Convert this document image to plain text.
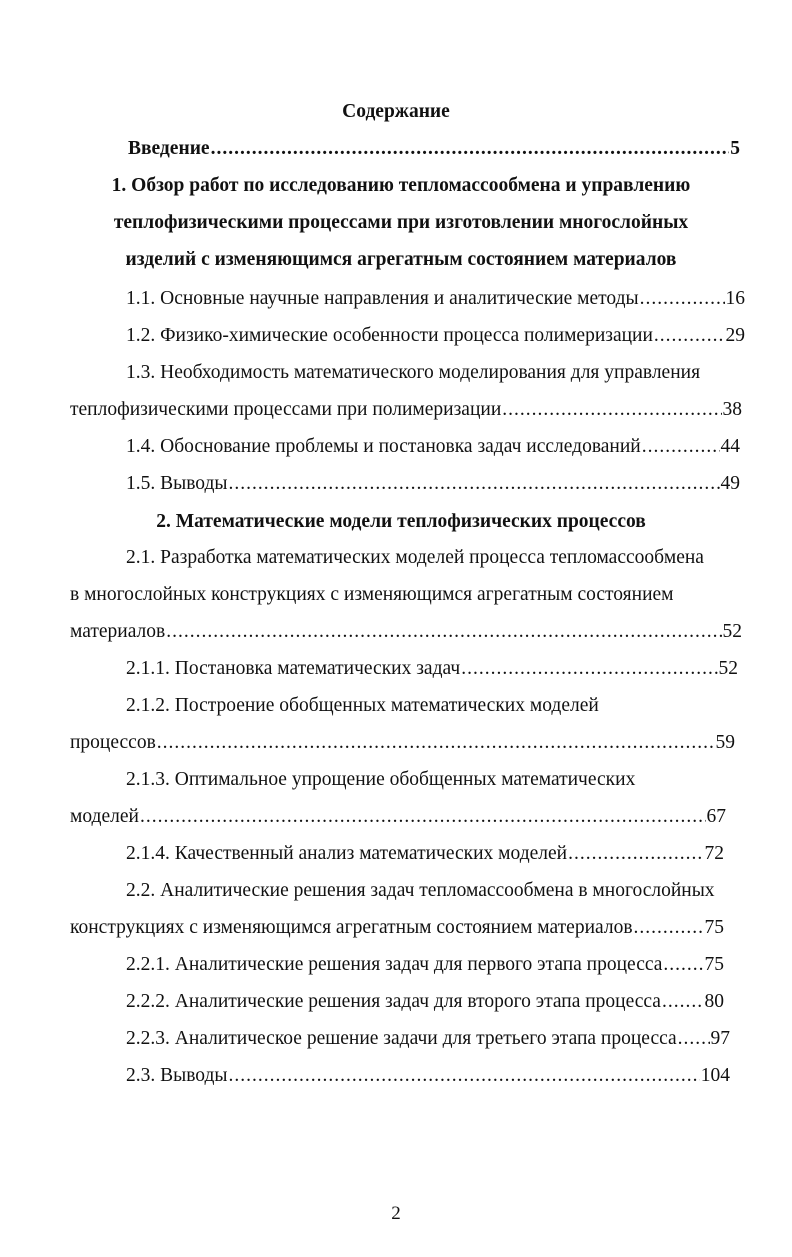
Содержание
Введение .....	5
1. Обзор работ по исследованию тепломассообмена и управлению
теплофизическими процессами при изготовлении многослойных
изделий с изменяющимся агрегатным состоянием материалов
1.1. Основные научные направления и аналитические методы .....	16
1.2. Физико-химические особенности процесса полимеризации .....	29
1.3. Необходимость математического моделирования для управления
теплофизическими процессами при полимеризации .....	38
1.4. Обоснование проблемы и постановка задач исследований .....	44
1.5. Выводы .....	49
2. Математические модели теплофизических процессов
2.1. Разработка математических моделей процесса тепломассообмена
в многослойных конструкциях с изменяющимся агрегатным состоянием
материалов .....	52
2.1.1. Постановка математических задач .....	52
2.1.2. Построение обобщенных математических моделей
процессов .....	59
2.1.3. Оптимальное упрощение обобщенных математических
моделей .....	67
2.1.4. Качественный анализ математических моделей .....	72
2.2. Аналитические решения задач тепломассообмена в многослойных
конструкциях с изменяющимся агрегатным состоянием материалов .....	75
2.2.1. Аналитические решения задач для первого этапа процесса ..... 75
2.2.2. Аналитические решения задач для второго этапа процесса ..... 80
2.2.3. Аналитическое решение задачи для третьего этапа процесса ..... 97
2.3. Выводы .....	104
2
